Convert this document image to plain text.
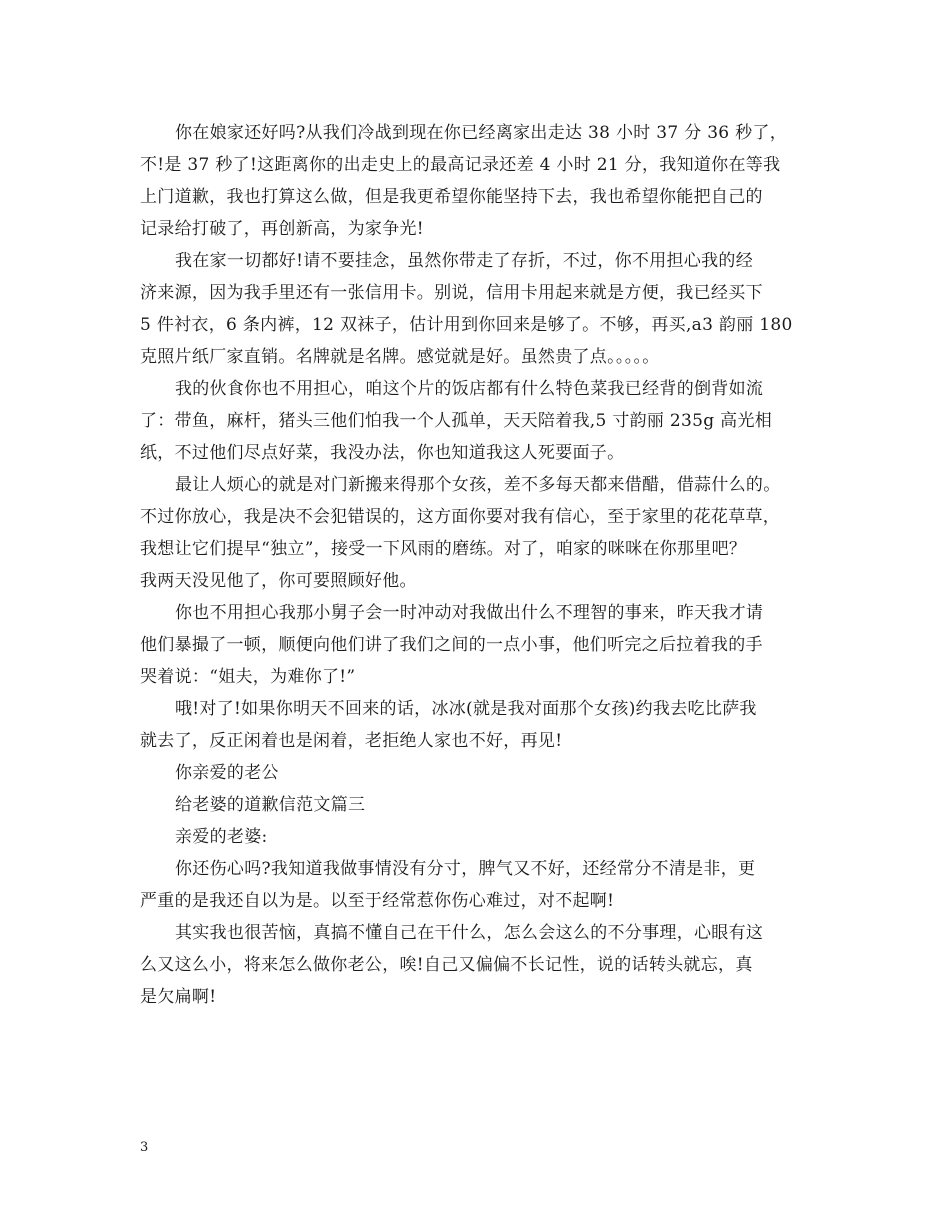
你在娘家还好吗?从我们冷战到现在你已经离家出走达 38 小时 37 分 36 秒了，
不!是 37 秒了!这距离你的出走史上的最高记录还差 4 小时 21 分，我知道你在等我
上门道歉，我也打算这么做，但是我更希望你能坚持下去，我也希望你能把自己的
记录给打破了，再创新高，为家争光!

我在家一切都好!请不要挂念，虽然你带走了存折，不过，你不用担心我的经
济来源，因为我手里还有一张信用卡。别说，信用卡用起来就是方便，我已经买下
5 件衬衣，6 条内裤，12 双袜子，估计用到你回来是够了。不够，再买,a3 韵丽 180
克照片纸厂家直销。名牌就是名牌。感觉就是好。虽然贵了点。。。。。

我的伙食你也不用担心，咱这个片的饭店都有什么特色菜我已经背的倒背如流
了：带鱼，麻杆，猪头三他们怕我一个人孤单，天天陪着我,5 寸韵丽 235g 高光相
纸，不过他们尽点好菜，我没办法，你也知道我这人死要面子。

最让人烦心的就是对门新搬来得那个女孩，差不多每天都来借醋，借蒜什么的。
不过你放心，我是决不会犯错误的，这方面你要对我有信心，至于家里的花花草草，
我想让它们提早“独立”，接受一下风雨的磨练。对了，咱家的咪咪在你那里吧？
我两天没见他了，你可要照顾好他。

你也不用担心我那小舅子会一时冲动对我做出什么不理智的事来，昨天我才请
他们暴撮了一顿，顺便向他们讲了我们之间的一点小事，他们听完之后拉着我的手
哭着说：“姐夫，为难你了!”

哦!对了!如果你明天不回来的话，冰冰(就是我对面那个女孩)约我去吃比萨我
就去了，反正闲着也是闲着，老拒绝人家也不好，再见!

你亲爱的老公

给老婆的道歉信范文篇三

亲爱的老婆:

你还伤心吗?我知道我做事情没有分寸，脾气又不好，还经常分不清是非，更
严重的是我还自以为是。以至于经常惹你伤心难过，对不起啊!

其实我也很苦恼，真搞不懂自己在干什么，怎么会这么的不分事理，心眼有这
么又这么小，将来怎么做你老公，唉!自己又偏偏不长记性，说的话转头就忘，真
是欠扁啊!

3
